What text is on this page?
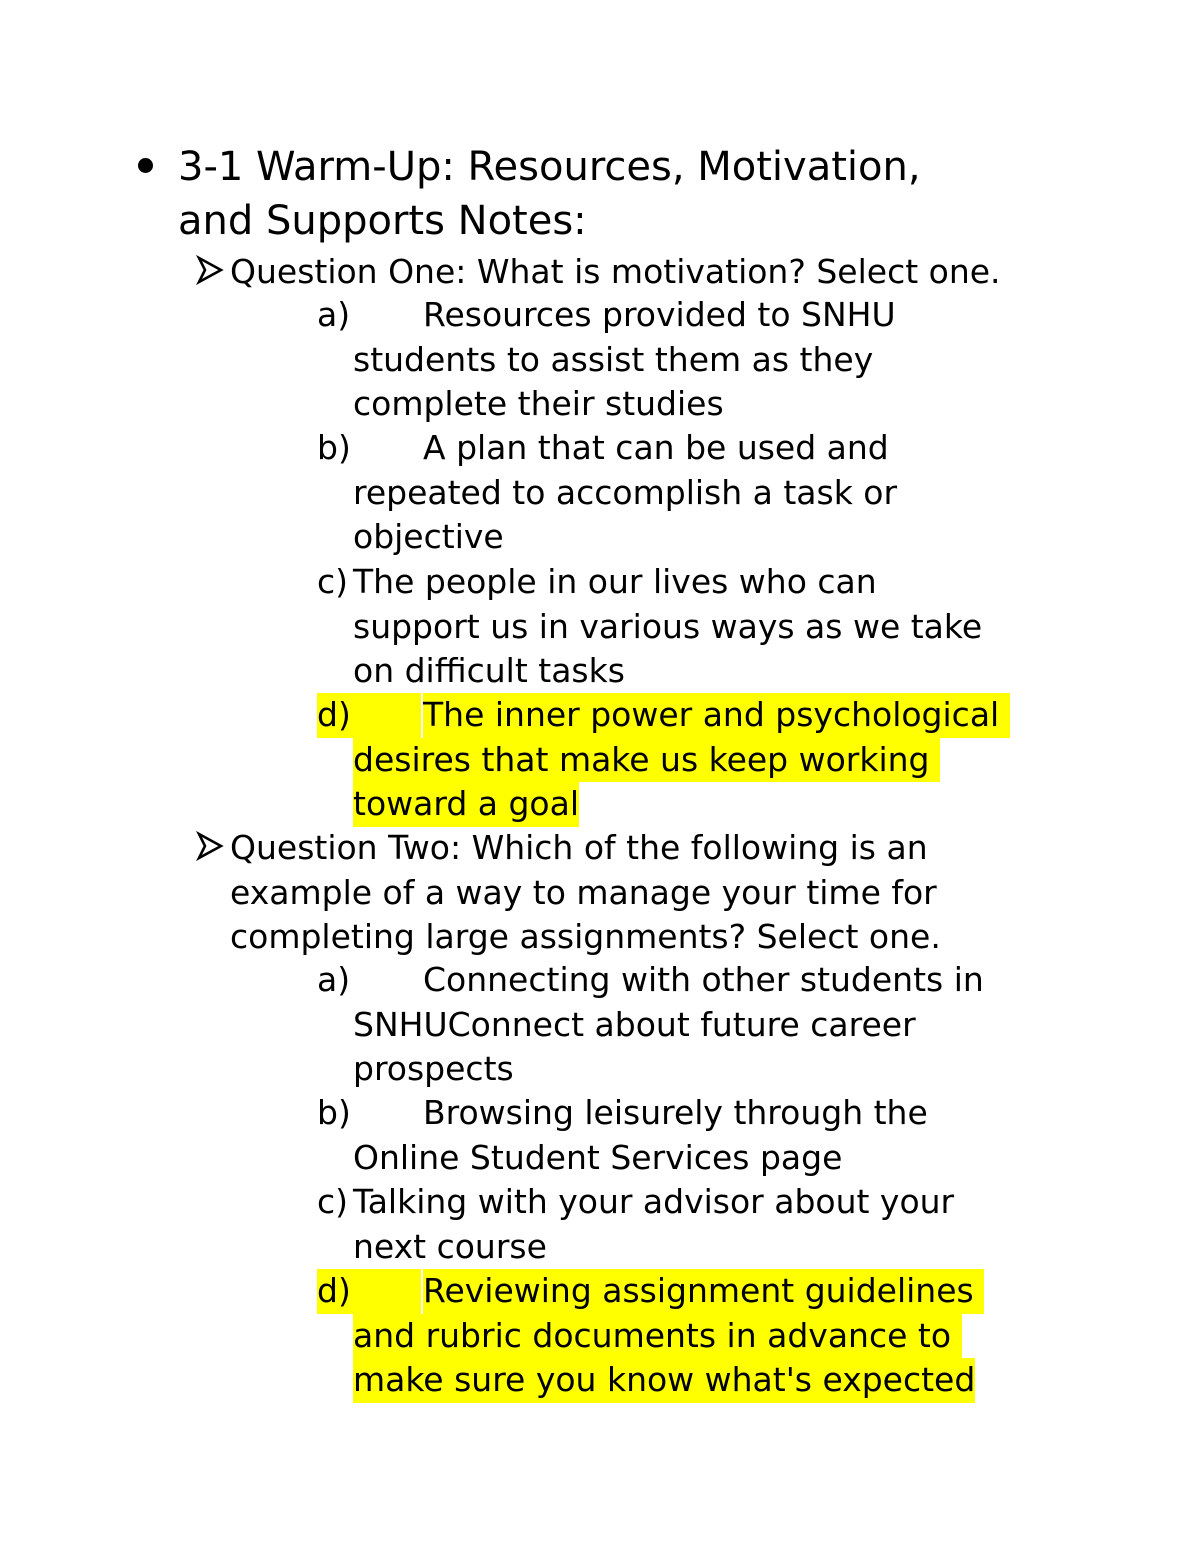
3-1 Warm-Up: Resources, Motivation,
and Supports Notes:
Question One: What is motivation? Select one.
a) Resources provided to SNHU
students to assist them as they
complete their studies
b) A plan that can be used and
repeated to accomplish a task or
objective
c) The people in our lives who can
support us in various ways as we take
on difficult tasks
d)	The inner power and psychological
desires that make us keep working
toward a goal
Question Two: Which of the following is an
example of a way to manage your time for
completing large assignments? Select one.
a) Connecting with other students in
SNHUConnect about future career
prospects
b) Browsing leisurely through the
Online Student Services page
c) Talking with your advisor about your
next course
d)	Reviewing assignment guidelines
and rubric documents in advance to
make sure you know what's expected
